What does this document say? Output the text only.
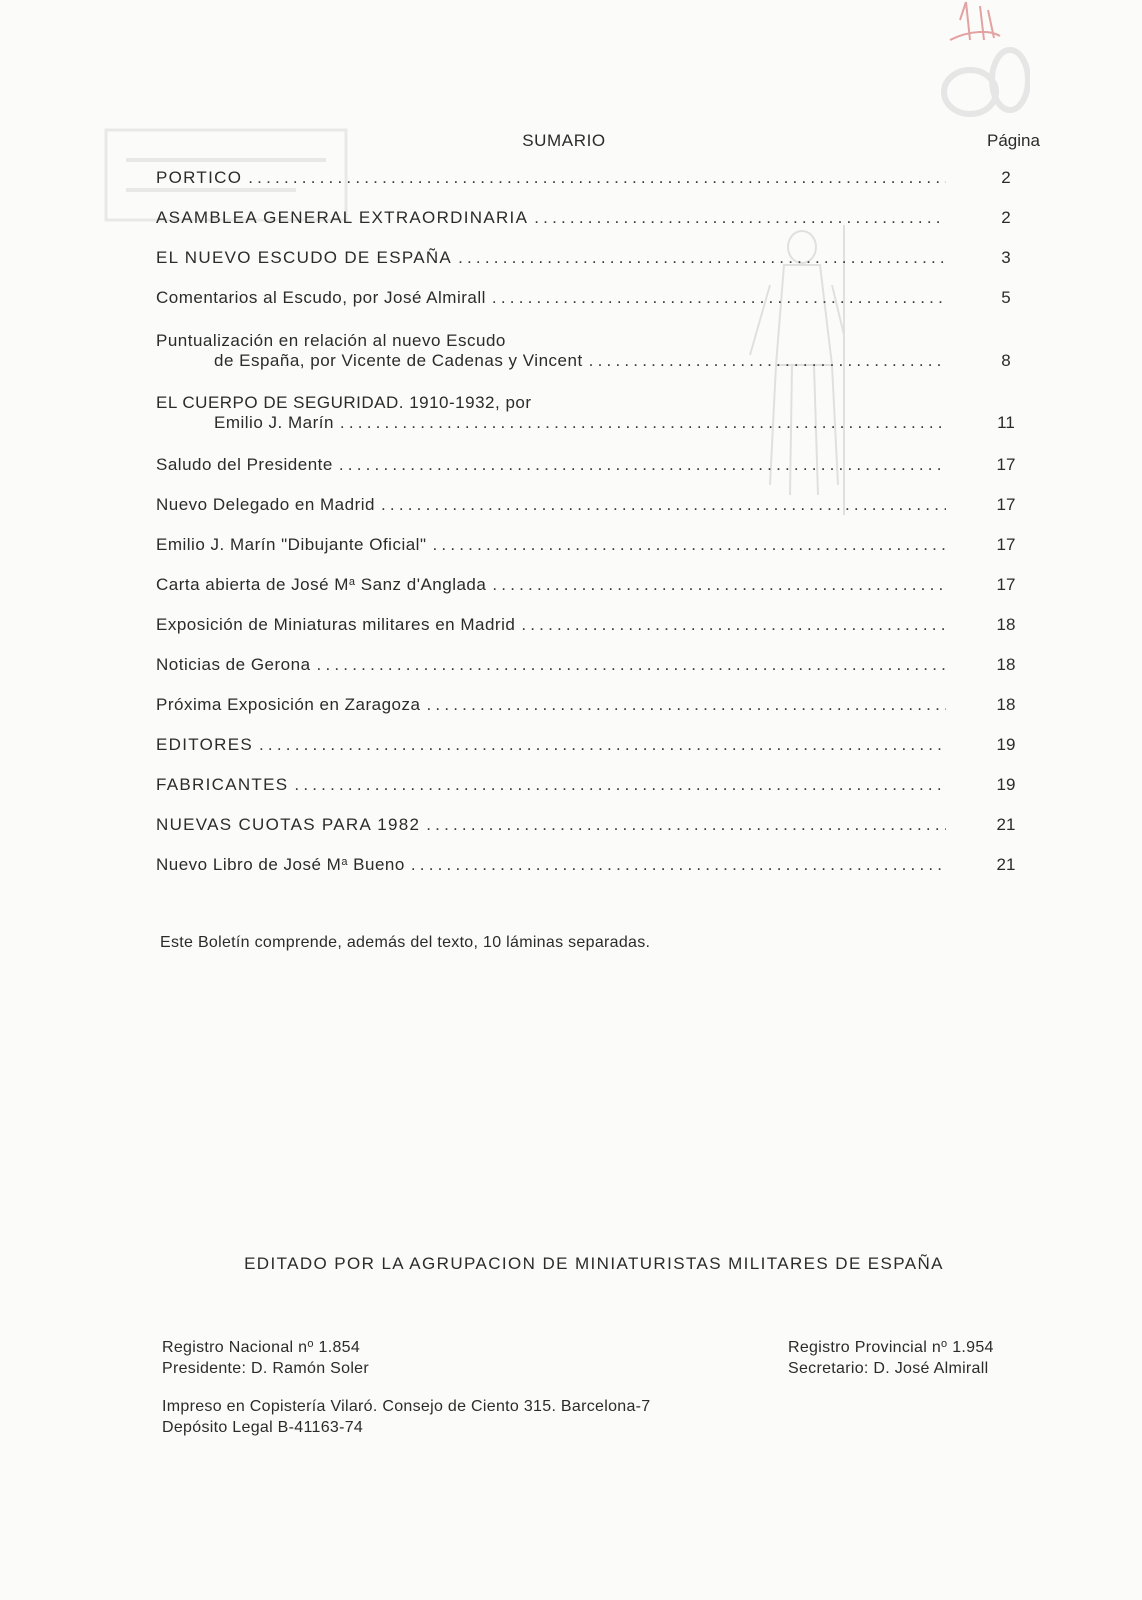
SUMARIO	Página
PORTICO .....	2
ASAMBLEA GENERAL EXTRAORDINARIA .....	2
EL NUEVO ESCUDO DE ESPAÑA .....	3
Comentarios al Escudo, por José Almirall .....	5
Puntualización en relación al nuevo Escudo
de España, por Vicente de Cadenas y Vincent .....	8
EL CUERPO DE SEGURIDAD. 1910-1932, por
Emilio J. Marín .....	11
Saludo del Presidente .....	17
Nuevo Delegado en Madrid .....	17
Emilio J. Marín "Dibujante Oficial" .....	17
Carta abierta de José $M^a$ Sanz d'Anglada .....	17
Exposición de Miniaturas militares en Madrid .....	18
Noticias de Gerona .....	18
Próxima Exposición en Zaragoza .....	18
EDITORES .....	19
FABRICANTES .....	19
NUEVAS CUOTAS PARA 1982 .....	21
Nuevo Libro de José $M^a$ Bueno .....	21
Este Boletín comprende, además del texto, 10 láminas separadas.
EDITADO POR LA AGRUPACION DE MINIATURISTAS MILITARES DE ESPAÑA
Registro Nacional $n^o$ 1.854
Presidente: D. Ramón Soler
Registro Provincial $n^o$ 1.954
Secretario: D. José Almirall
Impreso en Copistería Vilaró. Consejo de Ciento 315. Barcelona-7
Depósito Legal B-41163-74
